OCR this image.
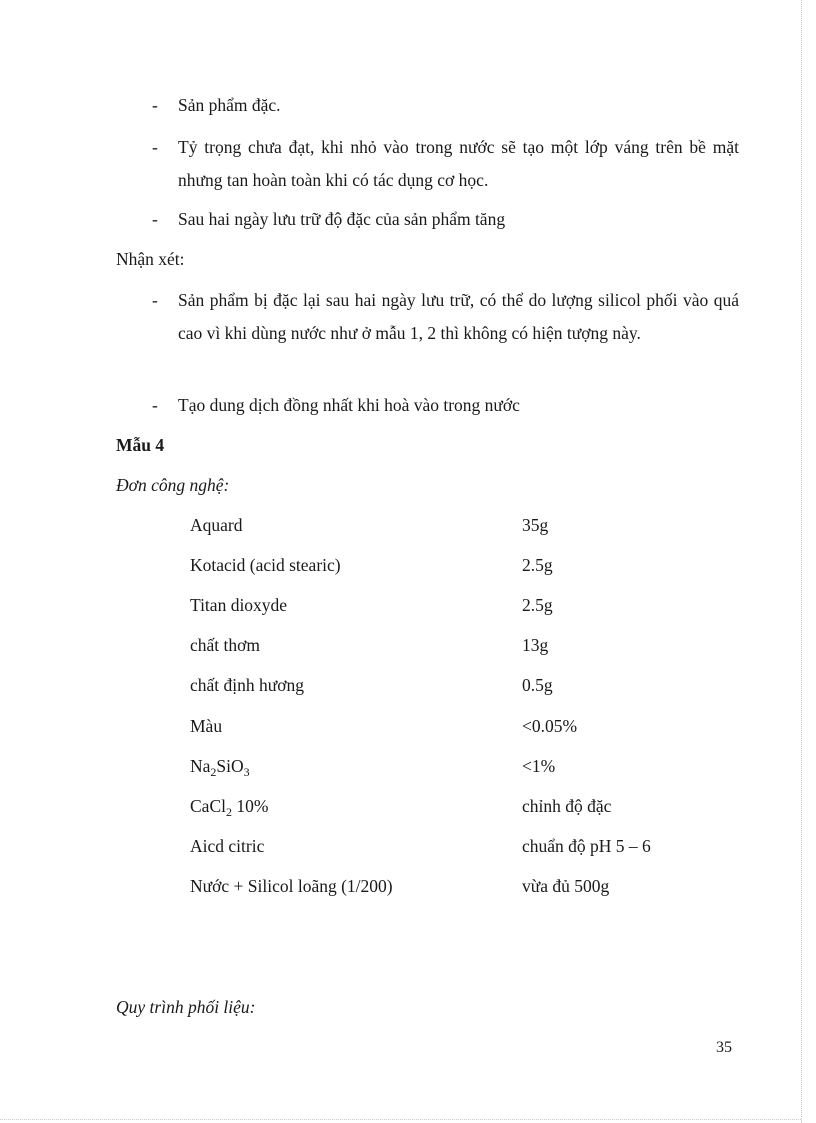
-	Sản phẩm đặc.
-	Tỷ trọng chưa đạt, khi nhỏ vào trong nước sẽ tạo một lớp váng trên bề mặt nhưng tan hoàn toàn khi có tác dụng cơ học.
-	Sau hai ngày lưu trữ độ đặc của sản phẩm tăng
Nhận xét:
-	Sản phẩm bị đặc lại sau hai ngày lưu trữ, có thể do lượng silicol phối vào quá cao vì khi dùng nước như ở mẫu 1, 2 thì không có hiện tượng này.
-	Tạo dung dịch đồng nhất khi hoà vào trong nước
Mẫu 4
Đơn công nghệ:
Aquard	35g
Kotacid (acid stearic)	2.5g
Titan dioxyde	2.5g
chất thơm	13g
chất định hương	0.5g
Màu	<0.05%
$Na_2SiO_3$	<1%
CaCl$_2$ 10%	chỉnh độ đặc
Aicd citric	chuẩn độ pH 5 – 6
Nước + Silicol loãng (1/200)	vừa đủ 500g
Quy trình phối liệu:
35
